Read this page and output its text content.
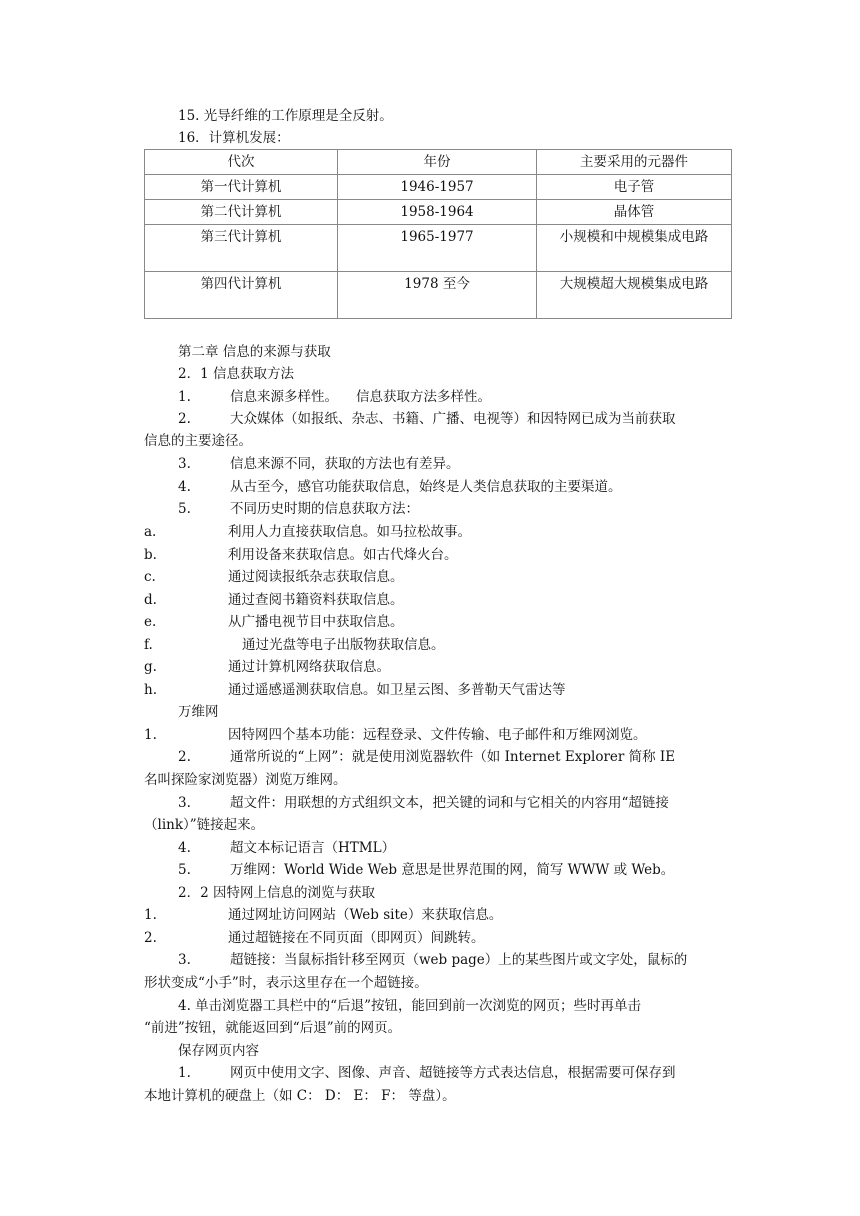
15. 光导纤维的工作原理是全反射。
16．计算机发展：
代次	年份	主要采用的元器件
第一代计算机	1946-1957	电子管
第二代计算机	1958-1964	晶体管
第三代计算机	1965-1977	小规模和中规模集成电路
第四代计算机	1978 至今	大规模超大规模集成电路
第二章 信息的来源与获取
2．1 信息获取方法
1.	信息来源多样性。 信息获取方法多样性。
2.	大众媒体（如报纸、杂志、书籍、广播、电视等）和因特网已成为当前获取
信息的主要途径。
3.	信息来源不同，获取的方法也有差异。
4.	从古至今，感官功能获取信息，始终是人类信息获取的主要渠道。
5.	不同历史时期的信息获取方法：
a.	利用人力直接获取信息。如马拉松故事。
b.	利用设备来获取信息。如古代烽火台。
c.	通过阅读报纸杂志获取信息。
d.	通过查阅书籍资料获取信息。
e.	从广播电视节目中获取信息。
f.	通过光盘等电子出版物获取信息。
g.	通过计算机网络获取信息。
h.	通过遥感遥测获取信息。如卫星云图、多普勒天气雷达等
万维网
1.	因特网四个基本功能：远程登录、文件传输、电子邮件和万维网浏览。
2.	通常所说的“上网”：就是使用浏览器软件（如 Internet Explorer 简称 IE
名叫探险家浏览器）浏览万维网。
3.	超文件：用联想的方式组织文本，把关键的词和与它相关的内容用“超链接
（link）”链接起来。
4.	超文本标记语言（HTML）
5.	万维网：World Wide Web 意思是世界范围的网，简写 WWW 或 Web。
2．2 因特网上信息的浏览与获取
1.	通过网址访问网站（Web site）来获取信息。
2.	通过超链接在不同页面（即网页）间跳转。
3.	超链接：当鼠标指针移至网页（web page）上的某些图片或文字处，鼠标的
形状变成“小手”时，表示这里存在一个超链接。
4. 单击浏览器工具栏中的“后退”按钮，能回到前一次浏览的网页；些时再单击
“前进”按钮，就能返回到“后退”前的网页。
保存网页内容
1.	网页中使用文字、图像、声音、超链接等方式表达信息，根据需要可保存到
本地计算机的硬盘上（如 C： D： E： F： 等盘）。
